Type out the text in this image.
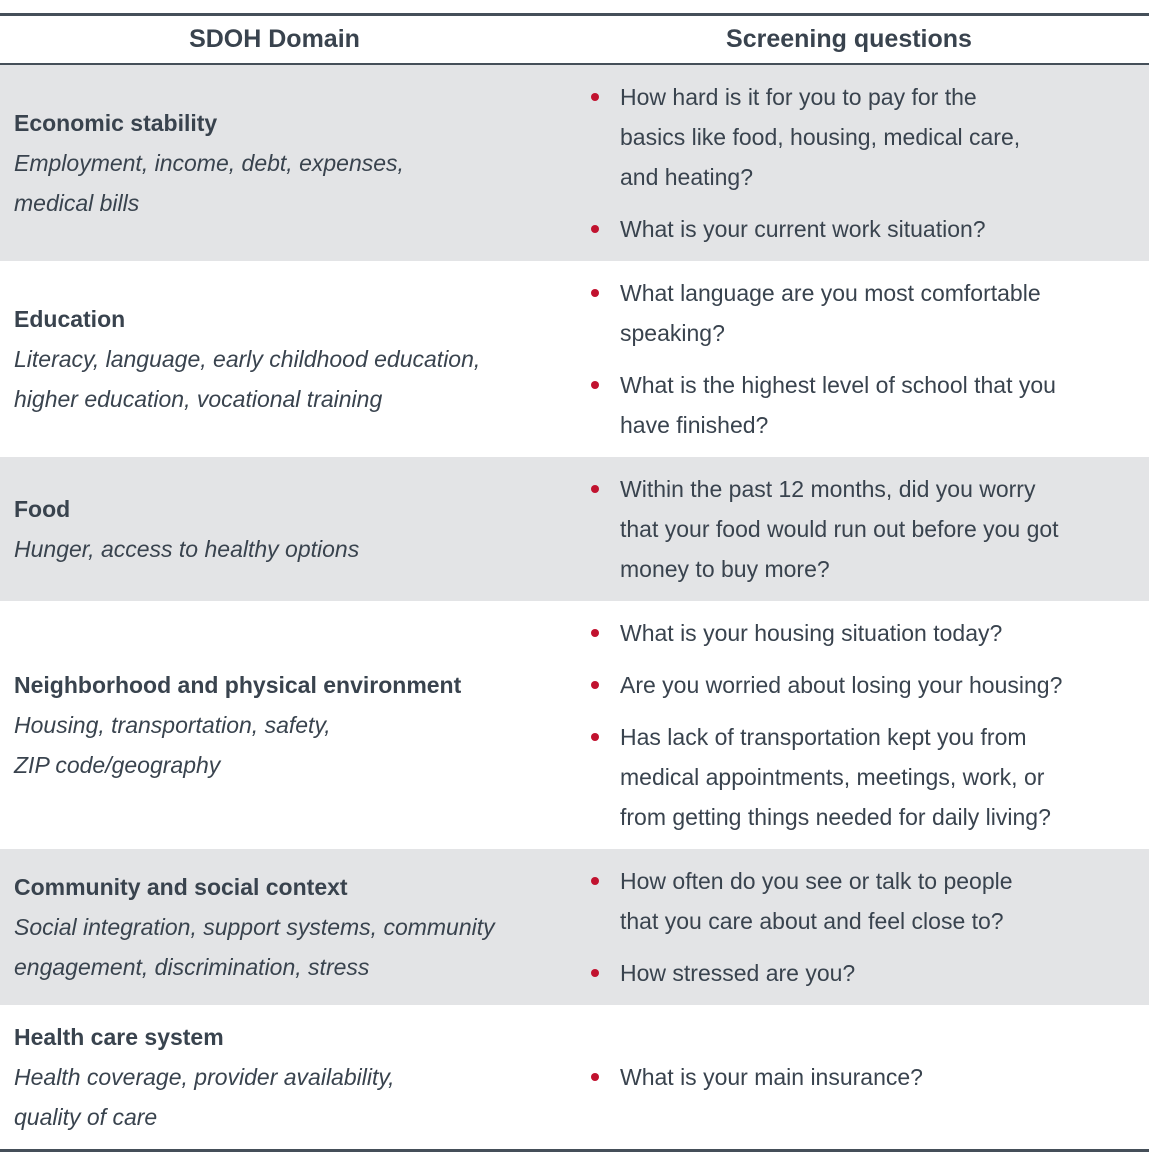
SDOH Domain	Screening questions
Economic stability
Employment, income, debt, expenses,
medical bills
How hard is it for you to pay for the
basics like food, housing, medical care,
and heating?
What is your current work situation?
Education
Literacy, language, early childhood education,
higher education, vocational training
What language are you most comfortable
speaking?
What is the highest level of school that you
have finished?
Food
Hunger, access to healthy options
Within the past 12 months, did you worry
that your food would run out before you got
money to buy more?
Neighborhood and physical environment
Housing, transportation, safety,
ZIP code/geography
What is your housing situation today?
Are you worried about losing your housing?
Has lack of transportation kept you from
medical appointments, meetings, work, or
from getting things needed for daily living?
Community and social context
Social integration, support systems, community
engagement, discrimination, stress
How often do you see or talk to people
that you care about and feel close to?
How stressed are you?
Health care system
Health coverage, provider availability,
quality of care
What is your main insurance?
